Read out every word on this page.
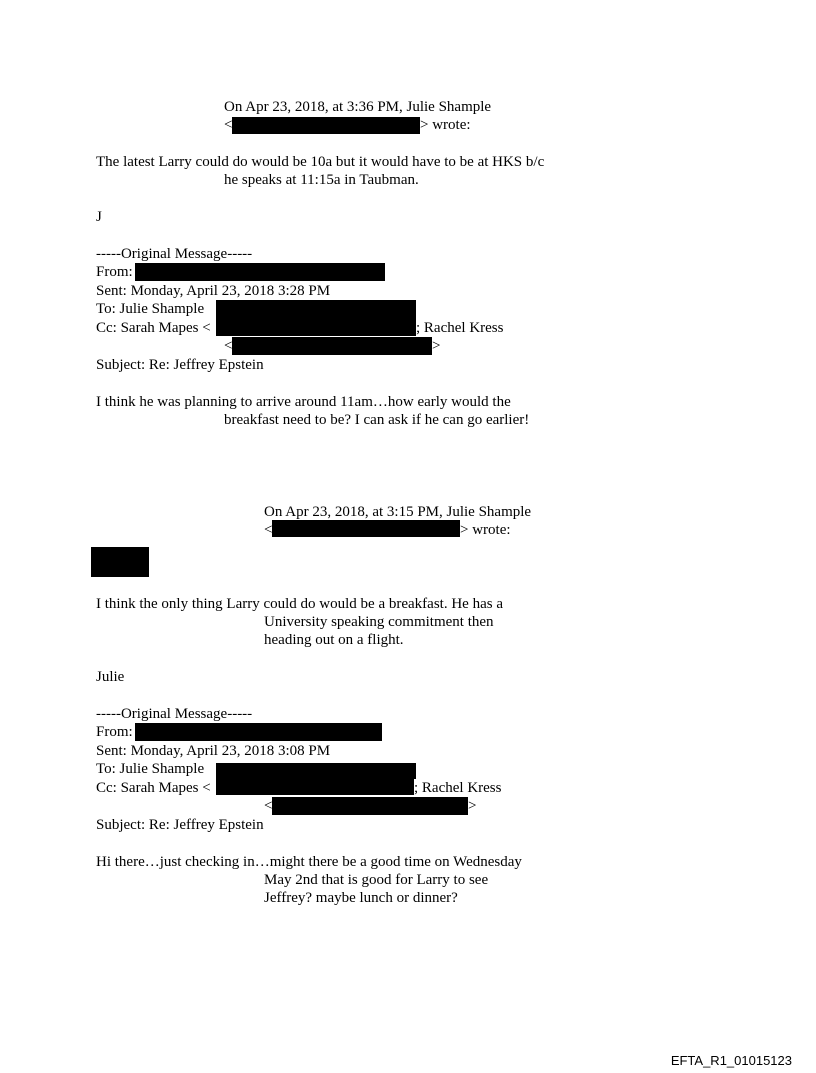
On Apr 23, 2018, at 3:36 PM, Julie Shample
<	> wrote:
The latest Larry could do would be 10a but it would have to be at HKS b/c
he speaks at 11:15a in Taubman.
J
-----Original Message-----
From:
Sent: Monday, April 23, 2018 3:28 PM
To: Julie Shample
Cc: Sarah Mapes <	; Rachel Kress
<	>
Subject: Re: Jeffrey Epstein
I think he was planning to arrive around 11am…how early would the
breakfast need to be? I can ask if he can go earlier!
On Apr 23, 2018, at 3:15 PM, Julie Shample
<	> wrote:
I think the only thing Larry could do would be a breakfast. He has a
University speaking commitment then
heading out on a flight.
Julie
-----Original Message-----
From:
Sent: Monday, April 23, 2018 3:08 PM
To: Julie Shample
Cc: Sarah Mapes <	; Rachel Kress
<	>
Subject: Re: Jeffrey Epstein
Hi there…just checking in…might there be a good time on Wednesday
May 2nd that is good for Larry to see
Jeffrey? maybe lunch or dinner?
EFTA_R1_01015123
